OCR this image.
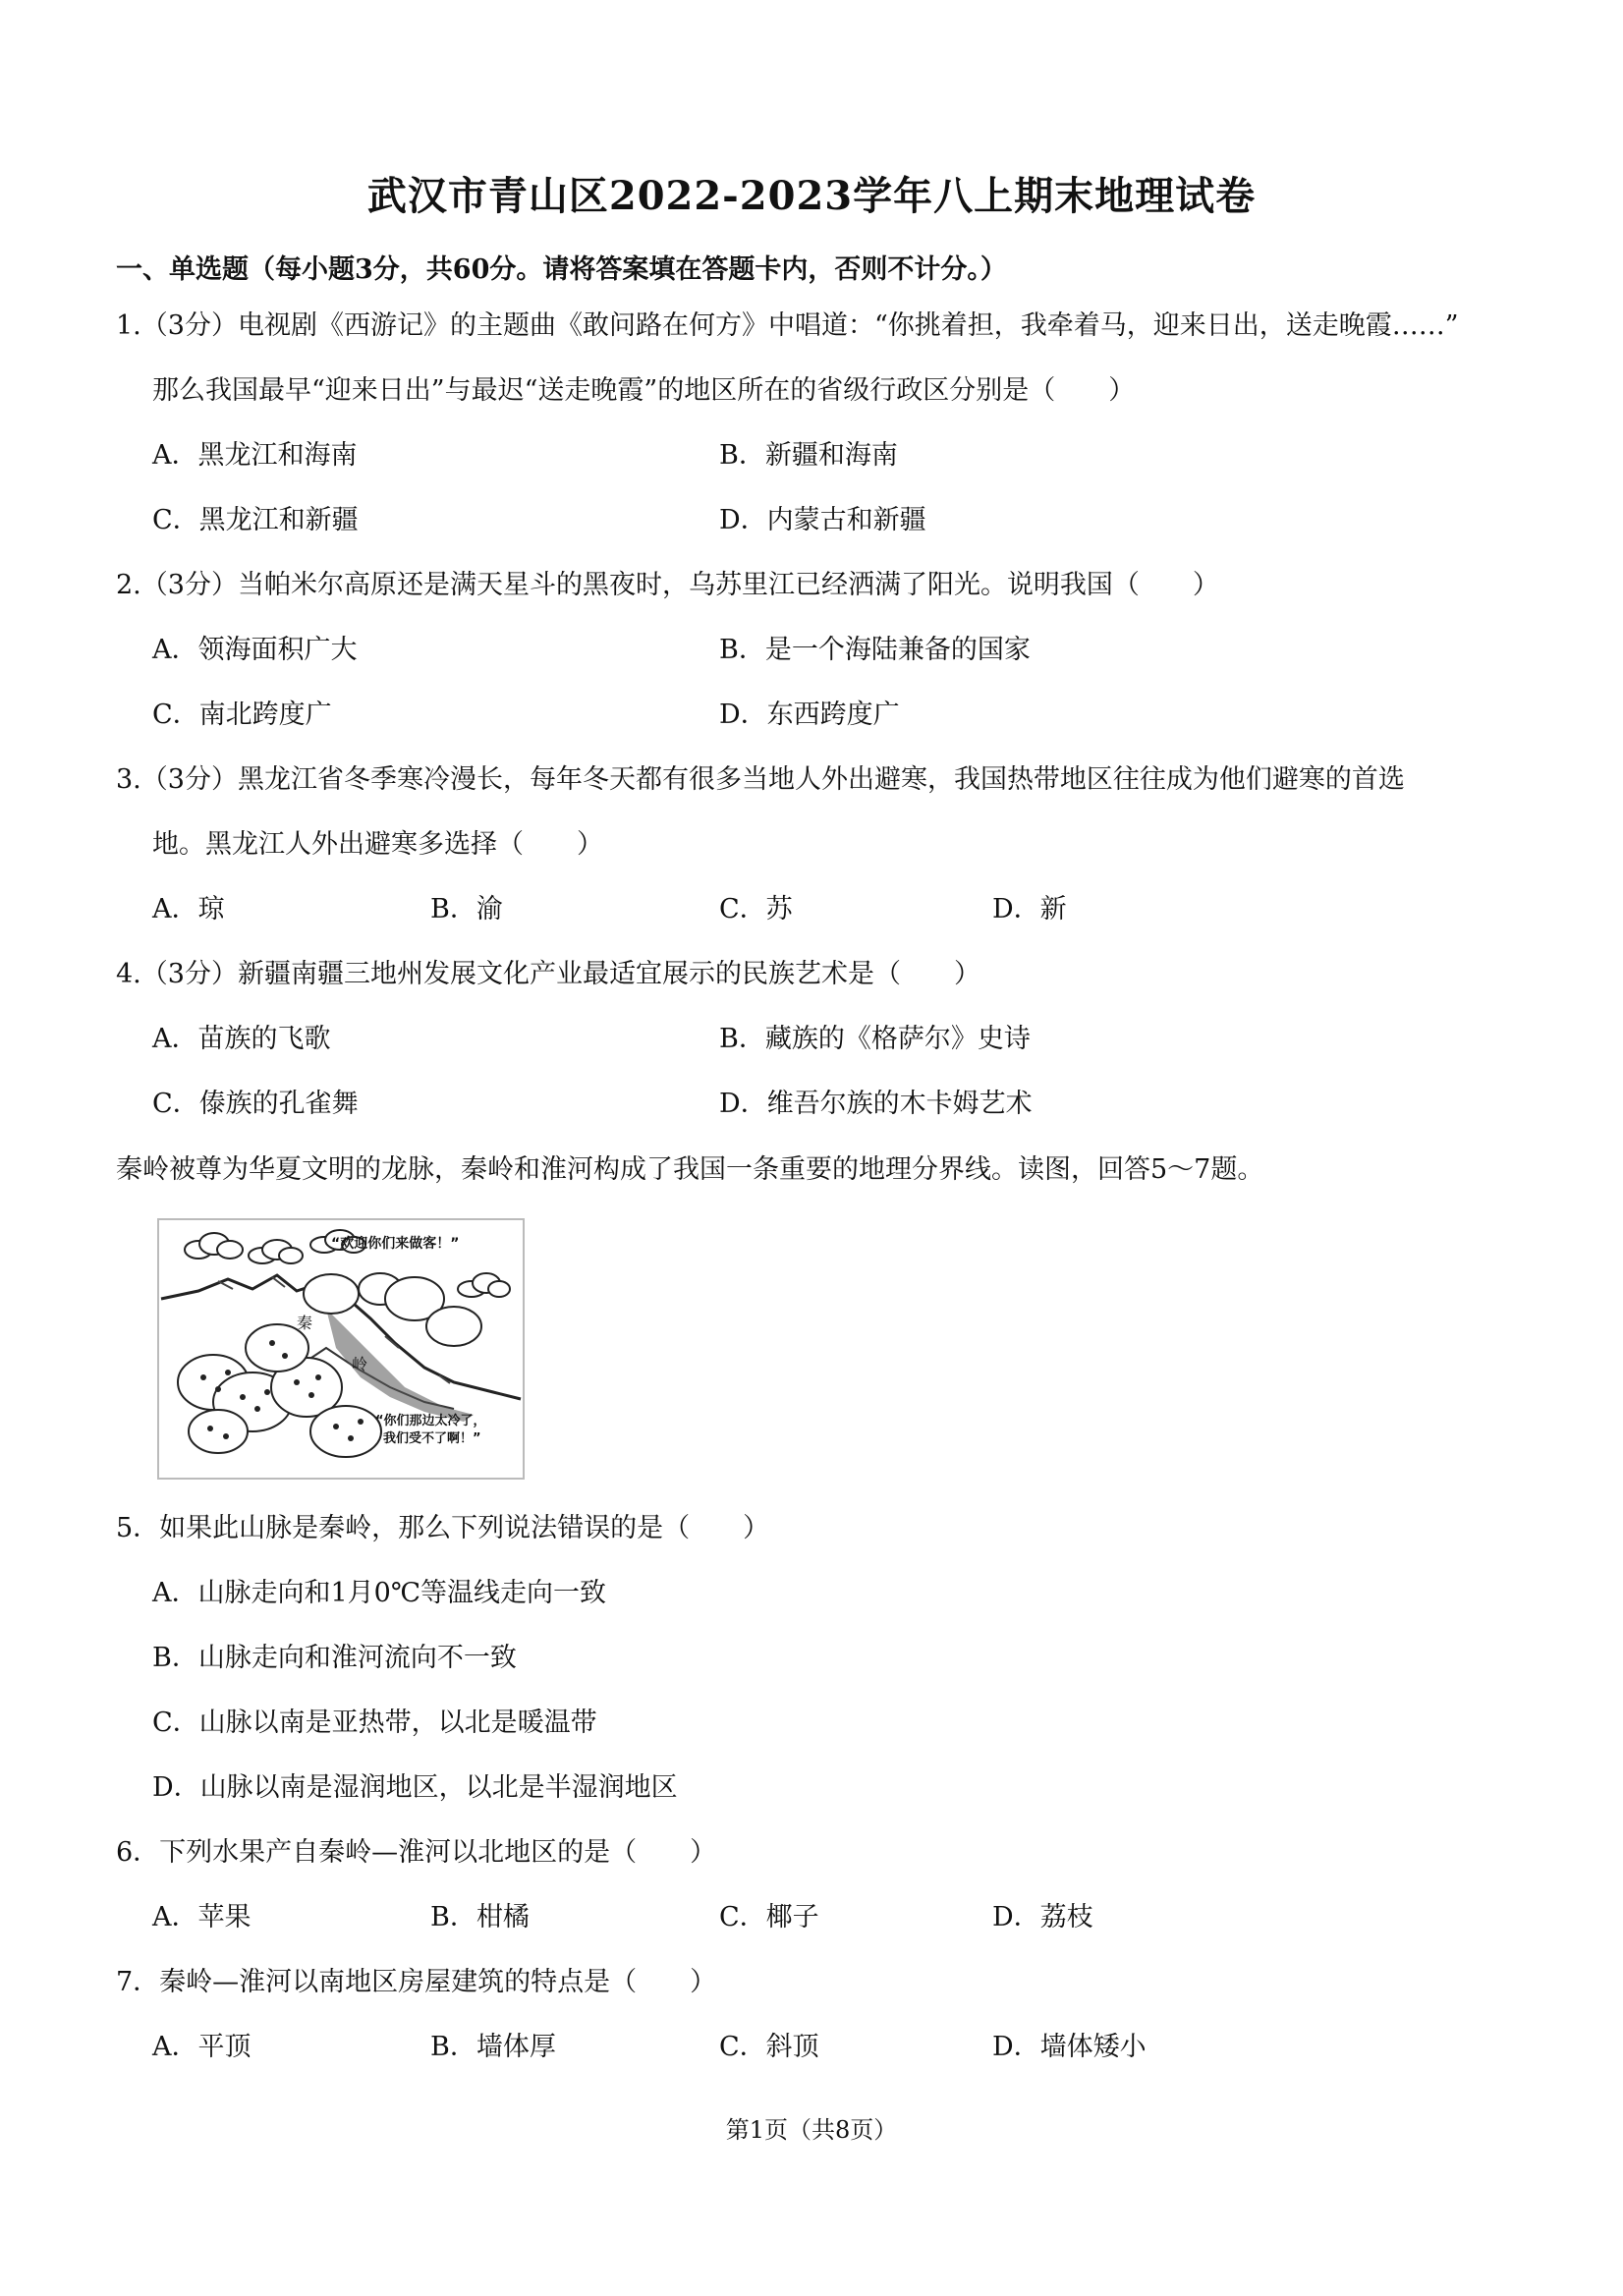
武汉市青山区2022-2023学年八上期末地理试卷
一、单选题（每小题3分，共60分。请将答案填在答题卡内，否则不计分。）
1.（3分）电视剧《西游记》的主题曲《敢问路在何方》中唱道：“你挑着担，我牵着马，迎来日出，送走晚霞……”
那么我国最早“迎来日出”与最迟“送走晚霞”的地区所在的省级行政区分别是（　　）
A．黑龙江和海南	B．新疆和海南
C．黑龙江和新疆	D．内蒙古和新疆
2.（3分）当帕米尔高原还是满天星斗的黑夜时，乌苏里江已经洒满了阳光。说明我国（　　）
A．领海面积广大	B．是一个海陆兼备的国家
C．南北跨度广	D．东西跨度广
3.（3分）黑龙江省冬季寒冷漫长，每年冬天都有很多当地人外出避寒，我国热带地区往往成为他们避寒的首选
地。黑龙江人外出避寒多选择（　　）
A．琼	B．渝	C．苏	D．新
4.（3分）新疆南疆三地州发展文化产业最适宜展示的民族艺术是（　　）
A．苗族的飞歌	B．藏族的《格萨尔》史诗
C．傣族的孔雀舞	D．维吾尔族的木卡姆艺术
秦岭被尊为华夏文明的龙脉，秦岭和淮河构成了我国一条重要的地理分界线。读图，回答5～7题。
秦
岭
“欢迎你们来做客！”
“你们那边太冷了，
我们受不了啊！”
5．如果此山脉是秦岭，那么下列说法错误的是（　　）
A．山脉走向和1月0℃等温线走向一致
B．山脉走向和淮河流向不一致
C．山脉以南是亚热带，以北是暖温带
D．山脉以南是湿润地区，以北是半湿润地区
6．下列水果产自秦岭—淮河以北地区的是（　　）
A．苹果	B．柑橘	C．椰子	D．荔枝
7．秦岭—淮河以南地区房屋建筑的特点是（　　）
A．平顶	B．墙体厚	C．斜顶	D．墙体矮小
第1页（共8页）
